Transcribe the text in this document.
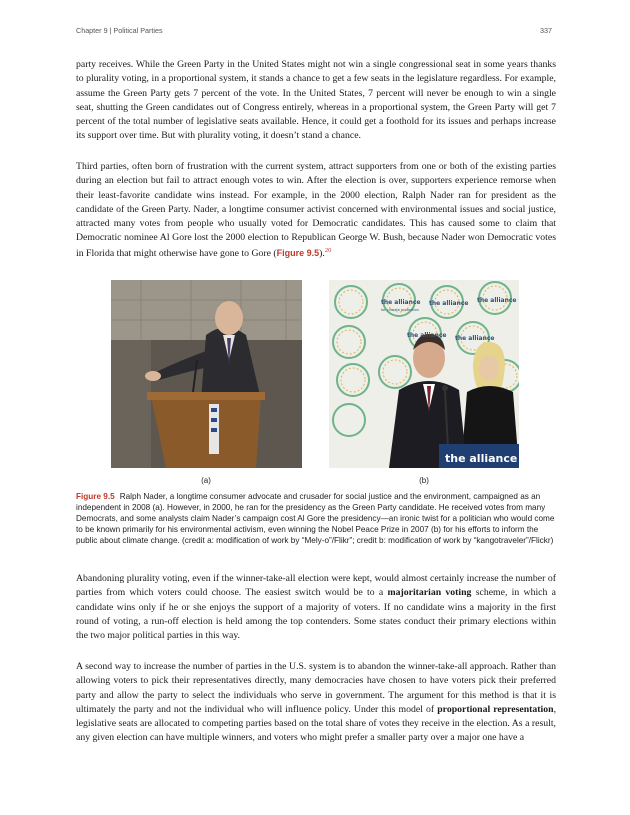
Chapter 9 | Political Parties	337

party receives. While the Green Party in the United States might not win a single congressional seat in some years thanks to plurality voting, in a proportional system, it stands a chance to get a few seats in the legislature regardless. For example, assume the Green Party gets 7 percent of the vote. In the United States, 7 percent will never be enough to win a single seat, shutting the Green candidates out of Congress entirely, whereas in a proportional system, the Green Party will get 7 percent of the total number of legislative seats available. Hence, it could get a foothold for its issues and perhaps increase its support over time. But with plurality voting, it doesn’t stand a chance.

Third parties, often born of frustration with the current system, attract supporters from one or both of the existing parties during an election but fail to attract enough votes to win. After the election is over, supporters experience remorse when their least-favorite candidate wins instead. For example, in the 2000 election, Ralph Nader ran for president as the candidate of the Green Party. Nader, a longtime consumer activist concerned with environmental issues and social justice, attracted many votes from people who usually voted for Democratic candidates. This has caused some to claim that Democratic nominee Al Gore lost the 2000 election to Republican George W. Bush, because Nader won Democratic votes in Florida that might otherwise have gone to Gore (Figure 9.5).$^{20}$

the alliance
the alliance
for climate protection
the alliance the alliance
the alliance
the alliance
(a)	(b)

Figure 9.5 Ralph Nader, a longtime consumer advocate and crusader for social justice and the environment, campaigned as an independent in 2008 (a). However, in 2000, he ran for the presidency as the Green Party candidate. He received votes from many Democrats, and some analysts claim Nader’s campaign cost Al Gore the presidency—an ironic twist for a politician who would come to be known primarily for his environmental activism, even winning the Nobel Peace Prize in 2007 (b) for his efforts to inform the public about climate change. (credit a: modification of work by “Mely-o”/Flikr”; credit b: modification of work by “kangotraveler”/Flickr)

Abandoning plurality voting, even if the winner-take-all election were kept, would almost certainly increase the number of parties from which voters could choose. The easiest switch would be to a majoritarian voting scheme, in which a candidate wins only if he or she enjoys the support of a majority of voters. If no candidate wins a majority in the first round of voting, a run-off election is held among the top contenders. Some states conduct their primary elections within the two major political parties in this way.

A second way to increase the number of parties in the U.S. system is to abandon the winner-take-all approach. Rather than allowing voters to pick their representatives directly, many democracies have chosen to have voters pick their preferred party and allow the party to select the individuals who serve in government. The argument for this method is that it is ultimately the party and not the individual who will influence policy. Under this model of proportional representation, legislative seats are allocated to competing parties based on the total share of votes they receive in the election. As a result, any given election can have multiple winners, and voters who might prefer a smaller party over a major one have a
